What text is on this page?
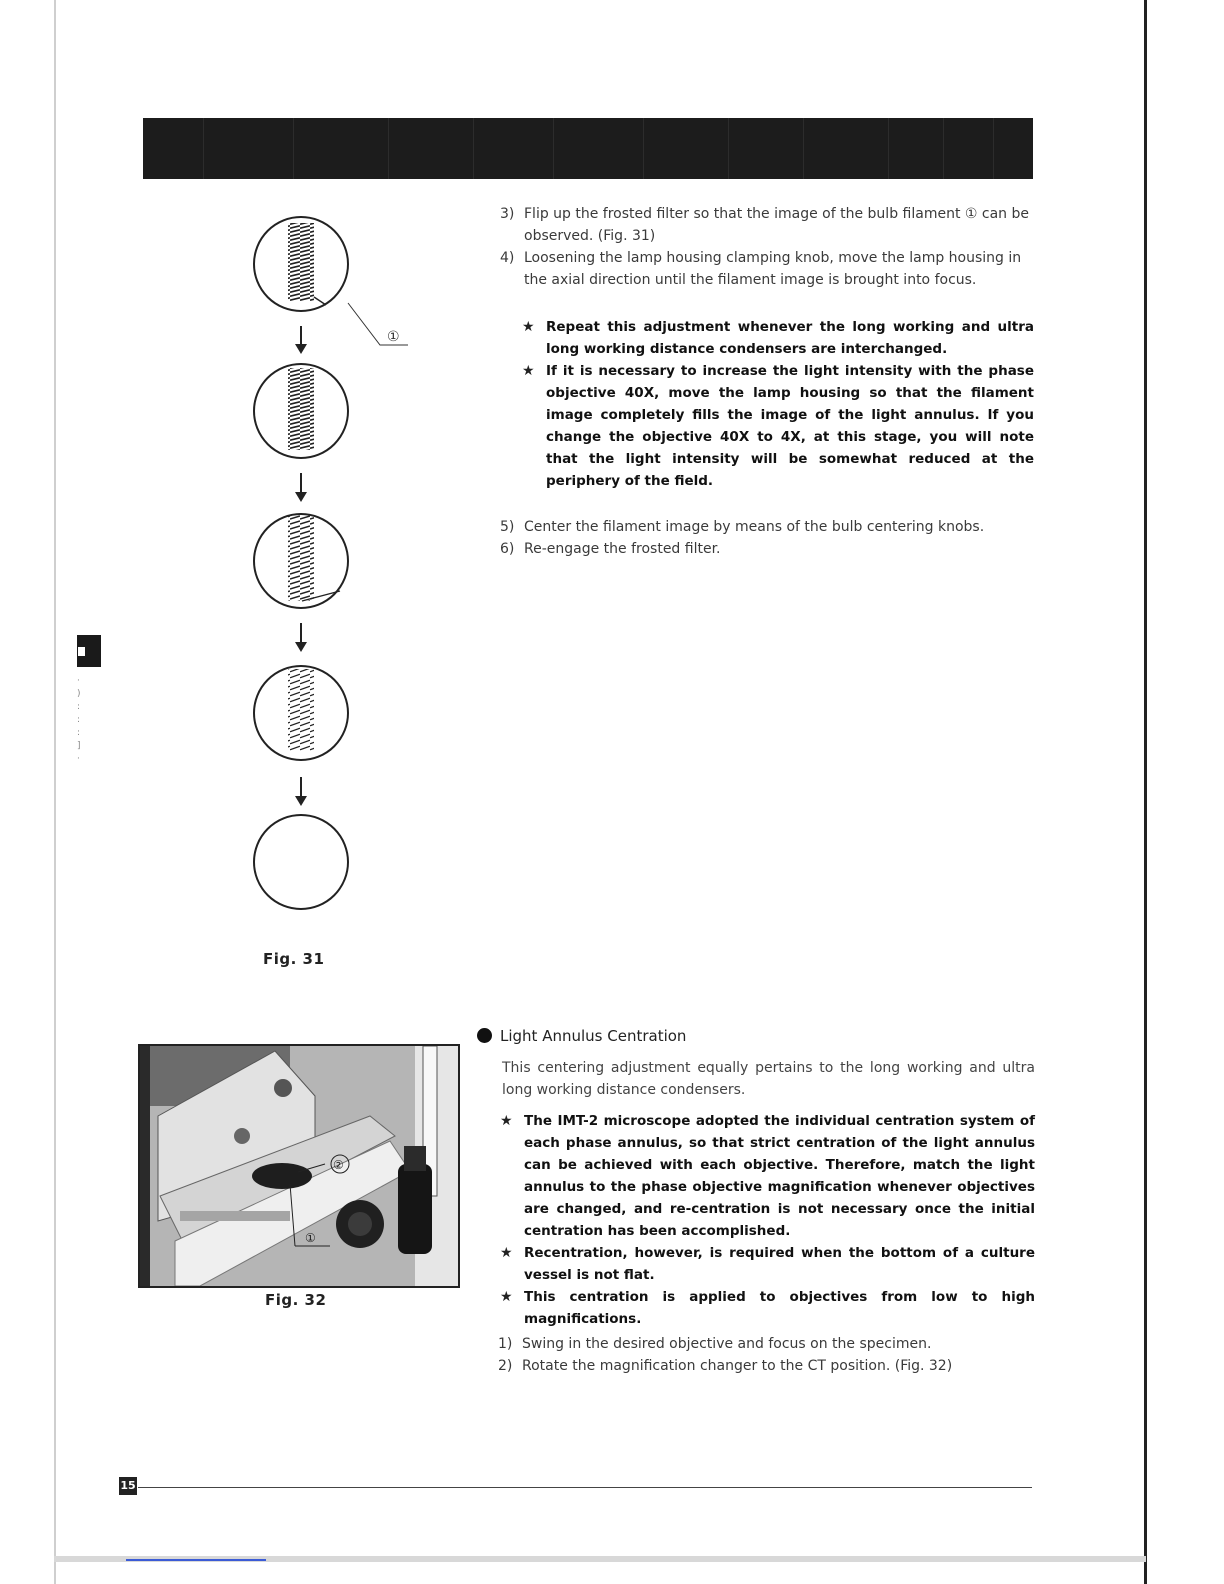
·
)
:
:
:
]
·
①
Fig. 31
3) Flip up the frosted filter so that the image of the bulb filament ① can be observed. (Fig. 31)
4) Loosening the lamp housing clamping knob, move the lamp housing in the axial direction until the filament image is brought into focus.
★ Repeat this adjustment whenever the long working and ultra long working distance condensers are interchanged.
★ If it is necessary to increase the light intensity with the phase objective 40X, move the lamp housing so that the filament image completely fills the image of the light annulus. If you change the objective 40X to 4X, at this stage, you will note that the light intensity will be somewhat reduced at the periphery of the field.
5) Center the filament image by means of the bulb centering knobs.
6) Re-engage the frosted filter.
②
①
Fig. 32
Light Annulus Centration
This centering adjustment equally pertains to the long working and ultra long working distance condensers.
★ The IMT-2 microscope adopted the individual centration system of each phase annulus, so that strict centration of the light annulus can be achieved with each objective. Therefore, match the light annulus to the phase objective magnification whenever objectives are changed, and re-centration is not necessary once the initial centration has been accomplished.
★ Recentration, however, is required when the bottom of a culture vessel is not flat.
★ This centration is applied to objectives from low to high magnifications.
1) Swing in the desired objective and focus on the specimen.
2) Rotate the magnification changer to the CT position. (Fig. 32)
15
